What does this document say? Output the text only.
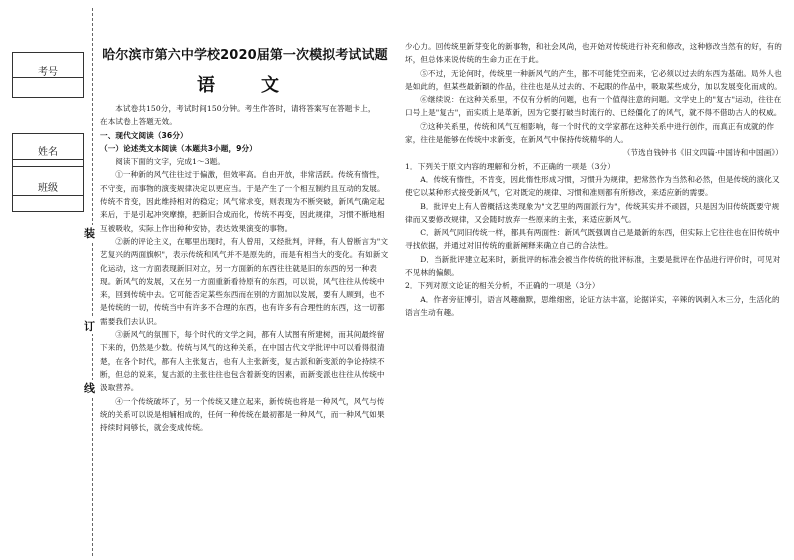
考号
姓名
班级
装
订
线

哈尔滨市第六中学校2020届第一次模拟考试试题

语　文

本试卷共150分，考试时间150分钟。考生作答时，请将答案写在答题卡上，

在本试卷上答题无效。

一、现代文阅读（36分）

（一）论述类文本阅读（本题共3小题，9分）

阅读下面的文字，完成1～3题。

①一种新的风气往往过于偏激，但效率高。自由开放，非常活跃。传统有惰性，不守变，而事物的演变规律决定以更应当。于是产生了一个相互制约且互动的发展。传统不肯变，因此维持相对的稳定；风气常求变，则表现为不断突破，新风气确定起来后，于是引起冲突摩擦，把新旧合成而化，传统不再变，因此规律，习惯不断地相互被吸收，实际上作出种种安协，表达效果演变的事物。

②新的评论主义，在哪里出现时，有人曾用，又经批判，评释，有人曾断言为"文艺复兴的两面旗帜"，表示传统和风气并不是原先的，而是有相当大的变化。有如新文化运动，这一方面表现新旧对立，另一方面新的东西往往就是旧的东西的另一种表现。新风气的发展，又在另一方面重新看待原有的东西，可以说，风气往往从传统中来，回到传统中去。它可能否定某些东西而在别的方面加以发展，要有人顾到，也不是传统的一切，传统当中有许多不合理的东西，也有许多有合理性的东西，这一切都需要我们去认识。

③新风气的氛围下，每个时代的文学之间，都有人试图有所建树，而其间最终留下来的，仍然是少数。传统与风气的这种关系，在中国古代文学批评中可以看得很清楚，在各个时代，都有人主张复古，也有人主张新变，复古派和新变派的争论持续不断，但总的说来，复古派的主张往往也包含着新变的因素，而新变派也往往从传统中汲取营养。

④一个传统破坏了，另一个传统又建立起来，新传统也将是一种风气，风气与传统的关系可以说是相辅相成的，任何一种传统在最初都是一种风气，而一种风气如果持续时间够长，就会变成传统。

少心力。回传统里新芽变化的新事物，和社会风尚，也开始对传统进行补充和修改，这种修改当然有的好，有的坏，但总体来说传统的生命力正在于此。

⑤不过，无论何时，传统里一种新风气的产生，都不可能凭空而来，它必须以过去的东西为基础。局外人也是如此的，但某些最新颖的作品，往往也是从过去的、不起眼的作品中，吸取某些成分，加以发展变化而成的。

⑥继续说：在这种关系里，不仅有分析的问题，也有一个值得注意的问题。文学史上的"复古"运动，往往在口号上是"复古"，而实质上是革新，因为它要打破当时流行的、已经僵化了的风气，就不得不借助古人的权威。

⑦这种关系里，传统和风气互相影响，每一个时代的文学家都在这种关系中进行创作，而真正有成就的作家，往往是能够在传统中求新变，在新风气中保持传统精华的人。

（节选自钱钟书《旧文四篇·中国诗和中国画》）

1．下列关于原文内容的理解和分析，不正确的一项是（3分）

A．传统有惰性，不肯变，因此惰性形成习惯，习惯升为规律，把常然作为当然和必然，但是传统的演化又使它以某种形式接受新风气，它对既定的规律、习惯和准则都有所修改，来适应新的需要。

B．批评史上有人曾概括这类现象为"文艺里的两面派行为"，传统其实并不顽固，只是因为旧传统既要守规律而又要修改规律，又会随时放弃一些原来的主张，来适应新风气。

C．新风气同旧传统一样，都具有两面性：新风气既强调自己是最新的东西，但实际上它往往也在旧传统中寻找依据，并通过对旧传统的重新阐释来确立自己的合法性。

D．当新批评建立起来时，新批评的标准会被当作传统的批评标准，主要是批评在作品进行评价时，可见对不见林的偏颇。

2．下列对原文论证的相关分析，不正确的一项是（3分）

A．作者旁征博引，语言风趣幽默，思维细密，论证方法丰富，论据详实，辛辣的讽刺入木三分，生活化的语言生动有趣。
